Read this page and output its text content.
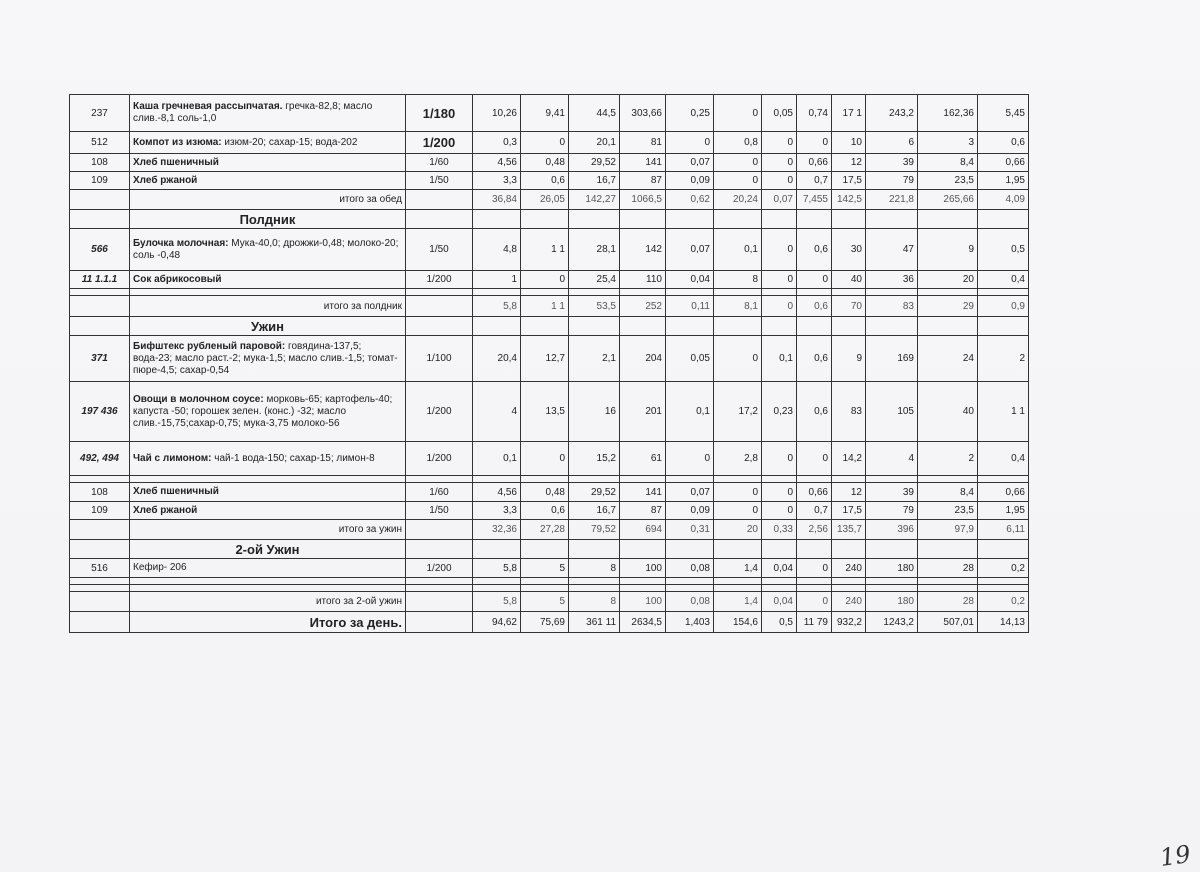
237	Каша гречневая рассыпчатая. гречка-82,8; масло слив.-8,1 соль-1,0	1/180	10,26	9,41	44,5	303,66	0,25	0	0,05	0,74	17 1	243,2	162,36	5,45
512	Компот из изюма: изюм-20; сахар-15; вода-202	1/200	0,3	0	20,1	81	0	0,8	0	0	10	6	3	0,6
108	Хлеб пшеничный	1/60	4,56	0,48	29,52	141	0,07	0	0	0,66	12	39	8,4	0,66
109	Хлеб ржаной	1/50	3,3	0,6	16,7	87	0,09	0	0	0,7	17,5	79	23,5	1,95
	итого за обед		36,84	26,05	142,27	1066,5	0,62	20,24	0,07	7,455	142,5	221,8	265,66	4,09
	Полдник													
566	Булочка молочная: Мука-40,0; дрожжи-0,48; молоко-20; соль -0,48	1/50	4,8	1 1	28,1	142	0,07	0,1	0	0,6	30	47	9	0,5
11 1.1.1	Сок абрикосовый	1/200	1	0	25,4	110	0,04	8	0	0	40	36	20	0,4

	итого за полдник		5,8	1 1	53,5	252	0,11	8,1	0	0,6	70	83	29	0,9
	Ужин													
371	Бифштекс рубленый паровой: говядина-137,5; вода-23; масло раст.-2; мука-1,5; масло слив.-1,5; томат-пюре-4,5; сахар-0,54	1/100	20,4	12,7	2,1	204	0,05	0	0,1	0,6	9	169	24	2
197 436	Овощи в молочном соусе: морковь-65; картофель-40; капуста -50; горошек зелен. (конс.) -32; масло слив.-15,75;сахар-0,75; мука-3,75 молоко-56	1/200	4	13,5	16	201	0,1	17,2	0,23	0,6	83	105	40	1 1
492, 494	Чай с лимоном: чай-1 вода-150; сахар-15; лимон-8	1/200	0,1	0	15,2	61	0	2,8	0	0	14,2	4	2	0,4

108	Хлеб пшеничный	1/60	4,56	0,48	29,52	141	0,07	0	0	0,66	12	39	8,4	0,66
109	Хлеб ржаной	1/50	3,3	0,6	16,7	87	0,09	0	0	0,7	17,5	79	23,5	1,95
	итого за ужин		32,36	27,28	79,52	694	0,31	20	0,33	2,56	135,7	396	97,9	6,11
	2-ой Ужин													
516	Кефир- 206	1/200	5,8	5	8	100	0,08	1,4	0,04	0	240	180	28	0,2

	итого за 2-ой ужин		5,8	5	8	100	0,08	1,4	0,04	0	240	180	28	0,2
	Итого за день.		94,62	75,69	361 11	2634,5	1,403	154,6	0,5	11 79	932,2	1243,2	507,01	14,13
19
